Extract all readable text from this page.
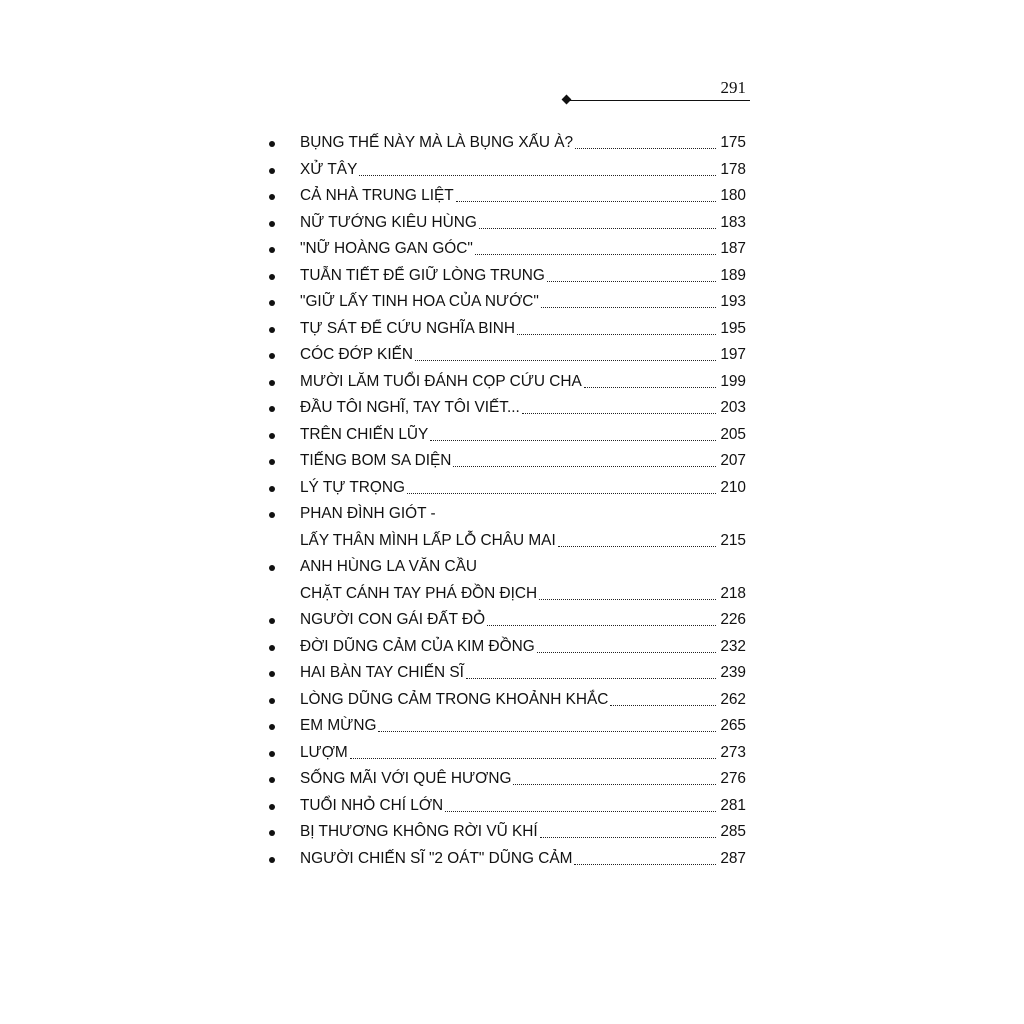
291
BỤNG THẾ NÀY MÀ LÀ BỤNG XẤU À?	175
XỬ TÂY	178
CẢ NHÀ TRUNG LIỆT	180
NỮ TƯỚNG KIÊU HÙNG	183
"NỮ HOÀNG GAN GÓC"	187
TUẪN TIẾT ĐỂ GIỮ LÒNG TRUNG	189
"GIỮ LẤY TINH HOA CỦA NƯỚC"	193
TỰ SÁT ĐỂ CỨU NGHĨA BINH	195
CÓC ĐỚP KIẾN	197
MƯỜI LĂM TUỔI ĐÁNH CỌP CỨU CHA	199
ĐẦU TÔI NGHĨ, TAY TÔI VIẾT...	203
TRÊN CHIẾN LŨY	205
TIẾNG BOM SA DIỆN	207
LÝ TỰ TRỌNG	210
PHAN ĐÌNH GIÓT -
LẤY THÂN MÌNH LẤP LỖ CHÂU MAI	215
ANH HÙNG LA VĂN CẦU
CHẶT CÁNH TAY PHÁ ĐỒN ĐỊCH	218
NGƯỜI CON GÁI ĐẤT ĐỎ	226
ĐỜI DŨNG CẢM CỦA KIM ĐỒNG	232
HAI BÀN TAY CHIẾN SĨ	239
LÒNG DŨNG CẢM TRONG KHOẢNH KHẮC	262
EM MỪNG	265
LƯỢM	273
SỐNG MÃI VỚI QUÊ HƯƠNG	276
TUỔI NHỎ CHÍ LỚN	281
BỊ THƯƠNG KHÔNG RỜI VŨ KHÍ	285
NGƯỜI CHIẾN SĨ "2 OÁT" DŨNG CẢM	287
